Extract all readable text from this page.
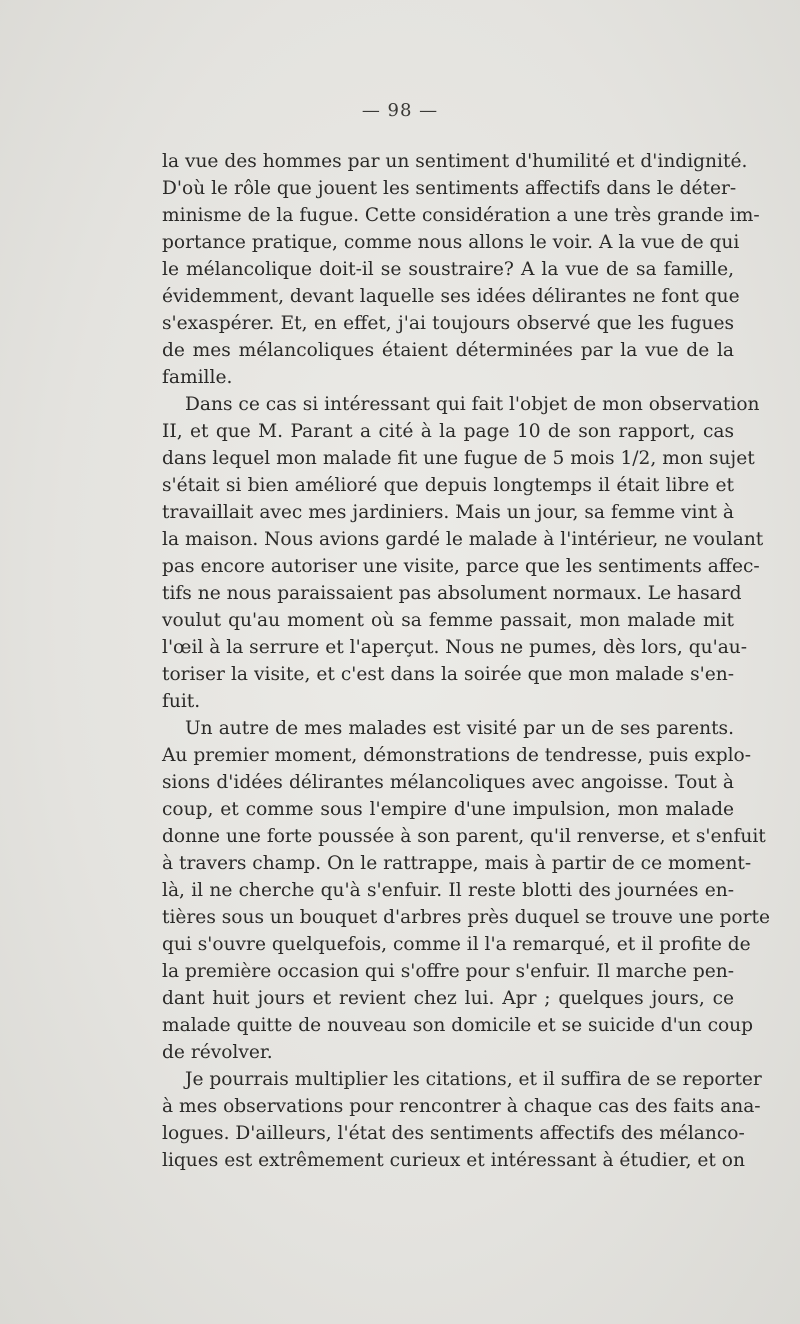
— 98 —
la vue des hommes par un sentiment d'humilité et d'indignité.
D'où le rôle que jouent les sentiments affectifs dans le déter-
minisme de la fugue. Cette considération a une très grande im-
portance pratique, comme nous allons le voir. A la vue de qui
le mélancolique doit-il se soustraire? A la vue de sa famille,
évidemment, devant laquelle ses idées délirantes ne font que
s'exaspérer. Et, en effet, j'ai toujours observé que les fugues
de mes mélancoliques étaient déterminées par la vue de la
famille.
Dans ce cas si intéressant qui fait l'objet de mon observation
II, et que M. Parant a cité à la page 10 de son rapport, cas
dans lequel mon malade fit une fugue de 5 mois 1/2, mon sujet
s'était si bien amélioré que depuis longtemps il était libre et
travaillait avec mes jardiniers. Mais un jour, sa femme vint à
la maison. Nous avions gardé le malade à l'intérieur, ne voulant
pas encore autoriser une visite, parce que les sentiments affec-
tifs ne nous paraissaient pas absolument normaux. Le hasard
voulut qu'au moment où sa femme passait, mon malade mit
l'œil à la serrure et l'aperçut. Nous ne pumes, dès lors, qu'au-
toriser la visite, et c'est dans la soirée que mon malade s'en-
fuit.
Un autre de mes malades est visité par un de ses parents.
Au premier moment, démonstrations de tendresse, puis explo-
sions d'idées délirantes mélancoliques avec angoisse. Tout à
coup, et comme sous l'empire d'une impulsion, mon malade
donne une forte poussée à son parent, qu'il renverse, et s'enfuit
à travers champ. On le rattrappe, mais à partir de ce moment-
là, il ne cherche qu'à s'enfuir. Il reste blotti des journées en-
tières sous un bouquet d'arbres près duquel se trouve une porte
qui s'ouvre quelquefois, comme il l'a remarqué, et il profite de
la première occasion qui s'offre pour s'enfuir. Il marche pen-
dant huit jours et revient chez lui. Apr ; quelques jours, ce
malade quitte de nouveau son domicile et se suicide d'un coup
de révolver.
Je pourrais multiplier les citations, et il suffira de se reporter
à mes observations pour rencontrer à chaque cas des faits ana-
logues. D'ailleurs, l'état des sentiments affectifs des mélanco-
liques est extrêmement curieux et intéressant à étudier, et on
